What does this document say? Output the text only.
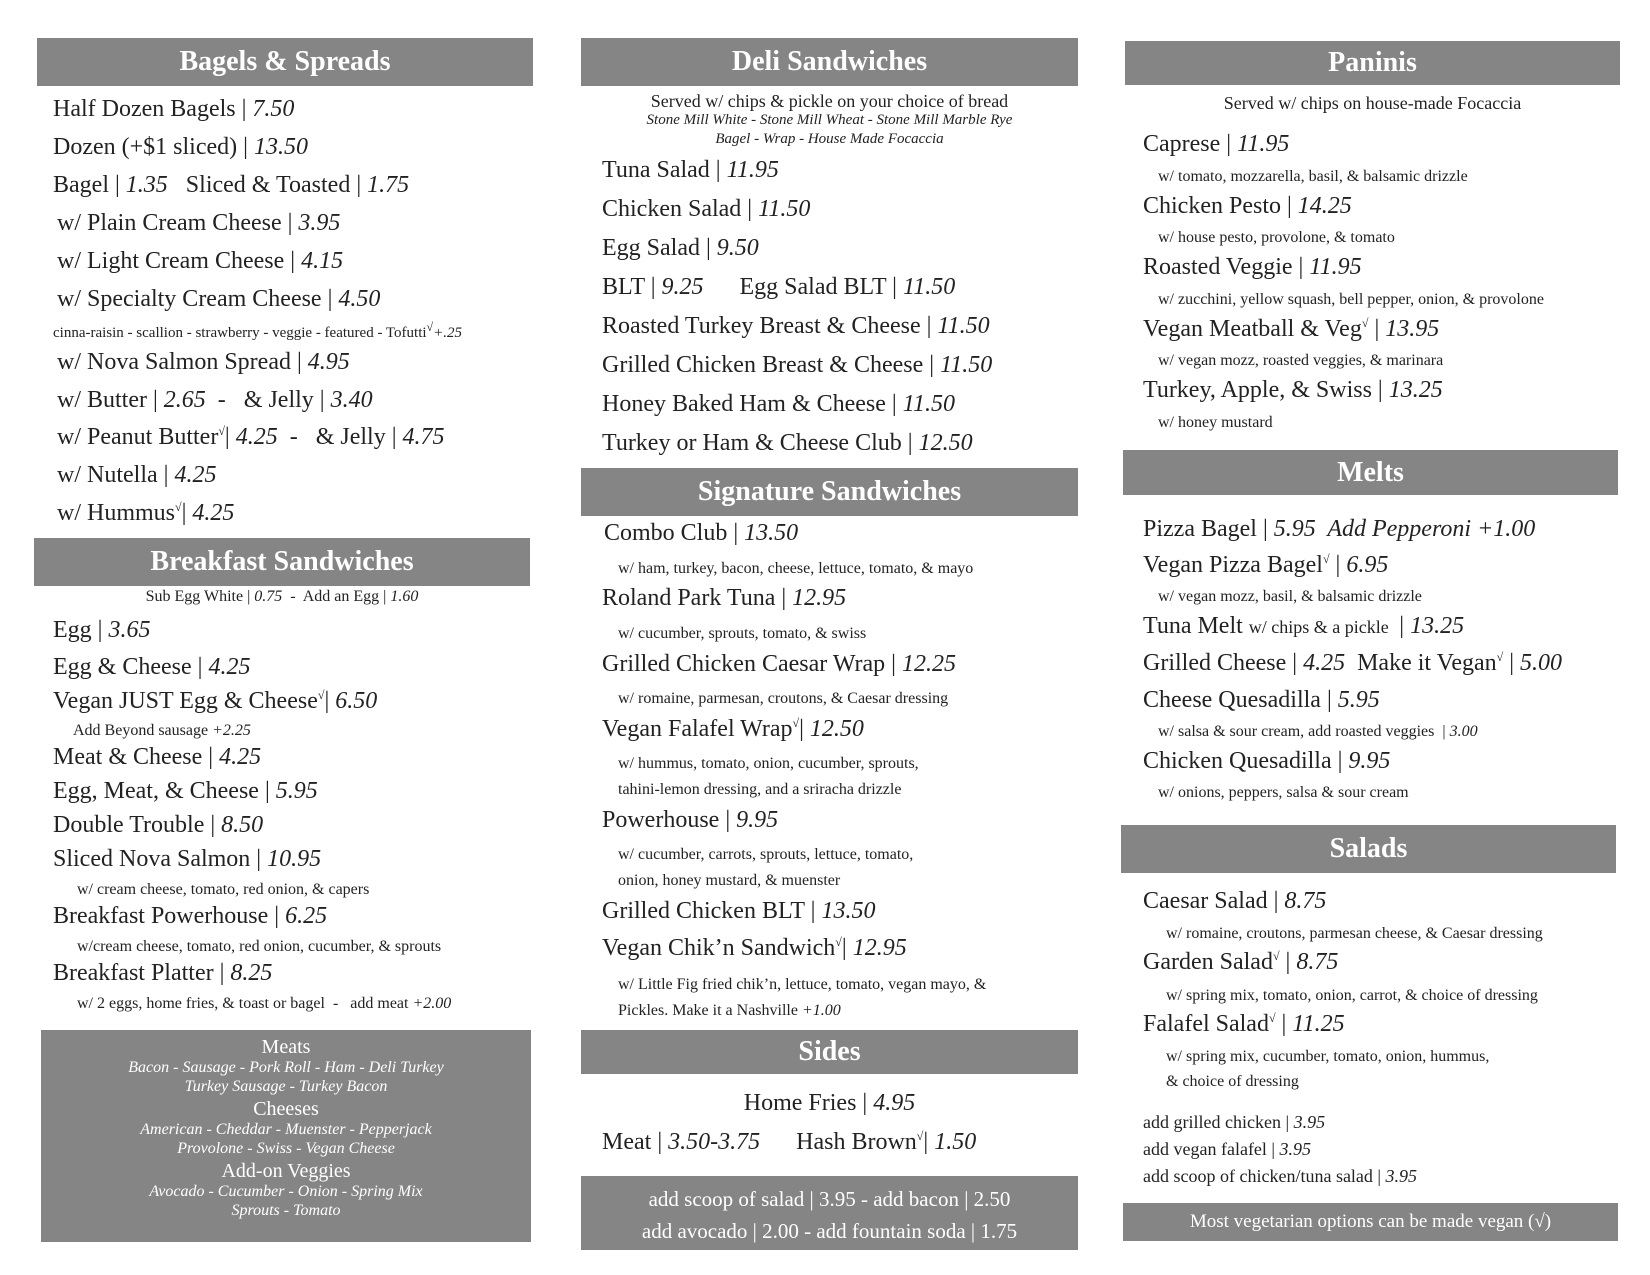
Bagels & Spreads
Half Dozen Bagels | 7.50
Dozen (+$1 sliced) | 13.50
Bagel | 1.35   Sliced & Toasted | 1.75
w/ Plain Cream Cheese | 3.95
w/ Light Cream Cheese | 4.15
w/ Specialty Cream Cheese | 4.50
cinna-raisin - scallion - strawberry - veggie - featured - Tofutti√+.25
w/ Nova Salmon Spread | 4.95
w/ Butter | 2.65  -   & Jelly | 3.40
w/ Peanut Butter√| 4.25  -   & Jelly | 4.75
w/ Nutella | 4.25
w/ Hummus√| 4.25
Breakfast Sandwiches
Sub Egg White | 0.75  -  Add an Egg | 1.60
Egg | 3.65
Egg & Cheese | 4.25
Vegan JUST Egg & Cheese√| 6.50
Add Beyond sausage +2.25
Meat & Cheese | 4.25
Egg, Meat, & Cheese | 5.95
Double Trouble | 8.50
Sliced Nova Salmon | 10.95
w/ cream cheese, tomato, red onion, & capers
Breakfast Powerhouse | 6.25
w/cream cheese, tomato, red onion, cucumber, & sprouts
Breakfast Platter | 8.25
w/ 2 eggs, home fries, & toast or bagel  -   add meat +2.00
Meats
Bacon - Sausage - Pork Roll - Ham - Deli Turkey
Turkey Sausage - Turkey Bacon
Cheeses
American - Cheddar - Muenster - Pepperjack
Provolone - Swiss - Vegan Cheese
Add-on Veggies
Avocado - Cucumber - Onion - Spring Mix
Sprouts - Tomato
Deli Sandwiches
Served w/ chips & pickle on your choice of bread
Stone Mill White - Stone Mill Wheat - Stone Mill Marble Rye
Bagel - Wrap - House Made Focaccia
Tuna Salad | 11.95
Chicken Salad | 11.50
Egg Salad | 9.50
BLT | 9.25      Egg Salad BLT | 11.50
Roasted Turkey Breast & Cheese | 11.50
Grilled Chicken Breast & Cheese | 11.50
Honey Baked Ham & Cheese | 11.50
Turkey or Ham & Cheese Club | 12.50
Signature Sandwiches
Combo Club | 13.50
w/ ham, turkey, bacon, cheese, lettuce, tomato, & mayo
Roland Park Tuna | 12.95
w/ cucumber, sprouts, tomato, & swiss
Grilled Chicken Caesar Wrap | 12.25
w/ romaine, parmesan, croutons, & Caesar dressing
Vegan Falafel Wrap√| 12.50
w/ hummus, tomato, onion, cucumber, sprouts,
tahini-lemon dressing, and a sriracha drizzle
Powerhouse | 9.95
w/ cucumber, carrots, sprouts, lettuce, tomato,
onion, honey mustard, & muenster
Grilled Chicken BLT | 13.50
Vegan Chik’n Sandwich√| 12.95
w/ Little Fig fried chik’n, lettuce, tomato, vegan mayo, &
Pickles. Make it a Nashville +1.00
Sides
Home Fries | 4.95
Meat | 3.50-3.75      Hash Brown√| 1.50
add scoop of salad | 3.95 - add bacon | 2.50
add avocado | 2.00 - add fountain soda | 1.75
Paninis
Served w/ chips on house-made Focaccia
Caprese | 11.95
w/ tomato, mozzarella, basil, & balsamic drizzle
Chicken Pesto | 14.25
w/ house pesto, provolone, & tomato
Roasted Veggie | 11.95
w/ zucchini, yellow squash, bell pepper, onion, & provolone
Vegan Meatball & Veg√ | 13.95
w/ vegan mozz, roasted veggies, & marinara
Turkey, Apple, & Swiss | 13.25
w/ honey mustard
Melts
Pizza Bagel | 5.95  Add Pepperoni +1.00
Vegan Pizza Bagel√ | 6.95
w/ vegan mozz, basil, & balsamic drizzle
Tuna Melt w/ chips & a pickle  | 13.25
Grilled Cheese | 4.25  Make it Vegan√ | 5.00
Cheese Quesadilla | 5.95
w/ salsa & sour cream, add roasted veggies  | 3.00
Chicken Quesadilla | 9.95
w/ onions, peppers, salsa & sour cream
Salads
Caesar Salad | 8.75
w/ romaine, croutons, parmesan cheese, & Caesar dressing
Garden Salad√ | 8.75
w/ spring mix, tomato, onion, carrot, & choice of dressing
Falafel Salad√ | 11.25
w/ spring mix, cucumber, tomato, onion, hummus,
& choice of dressing
add grilled chicken | 3.95
add vegan falafel | 3.95
add scoop of chicken/tuna salad | 3.95
Most vegetarian options can be made vegan (√)
